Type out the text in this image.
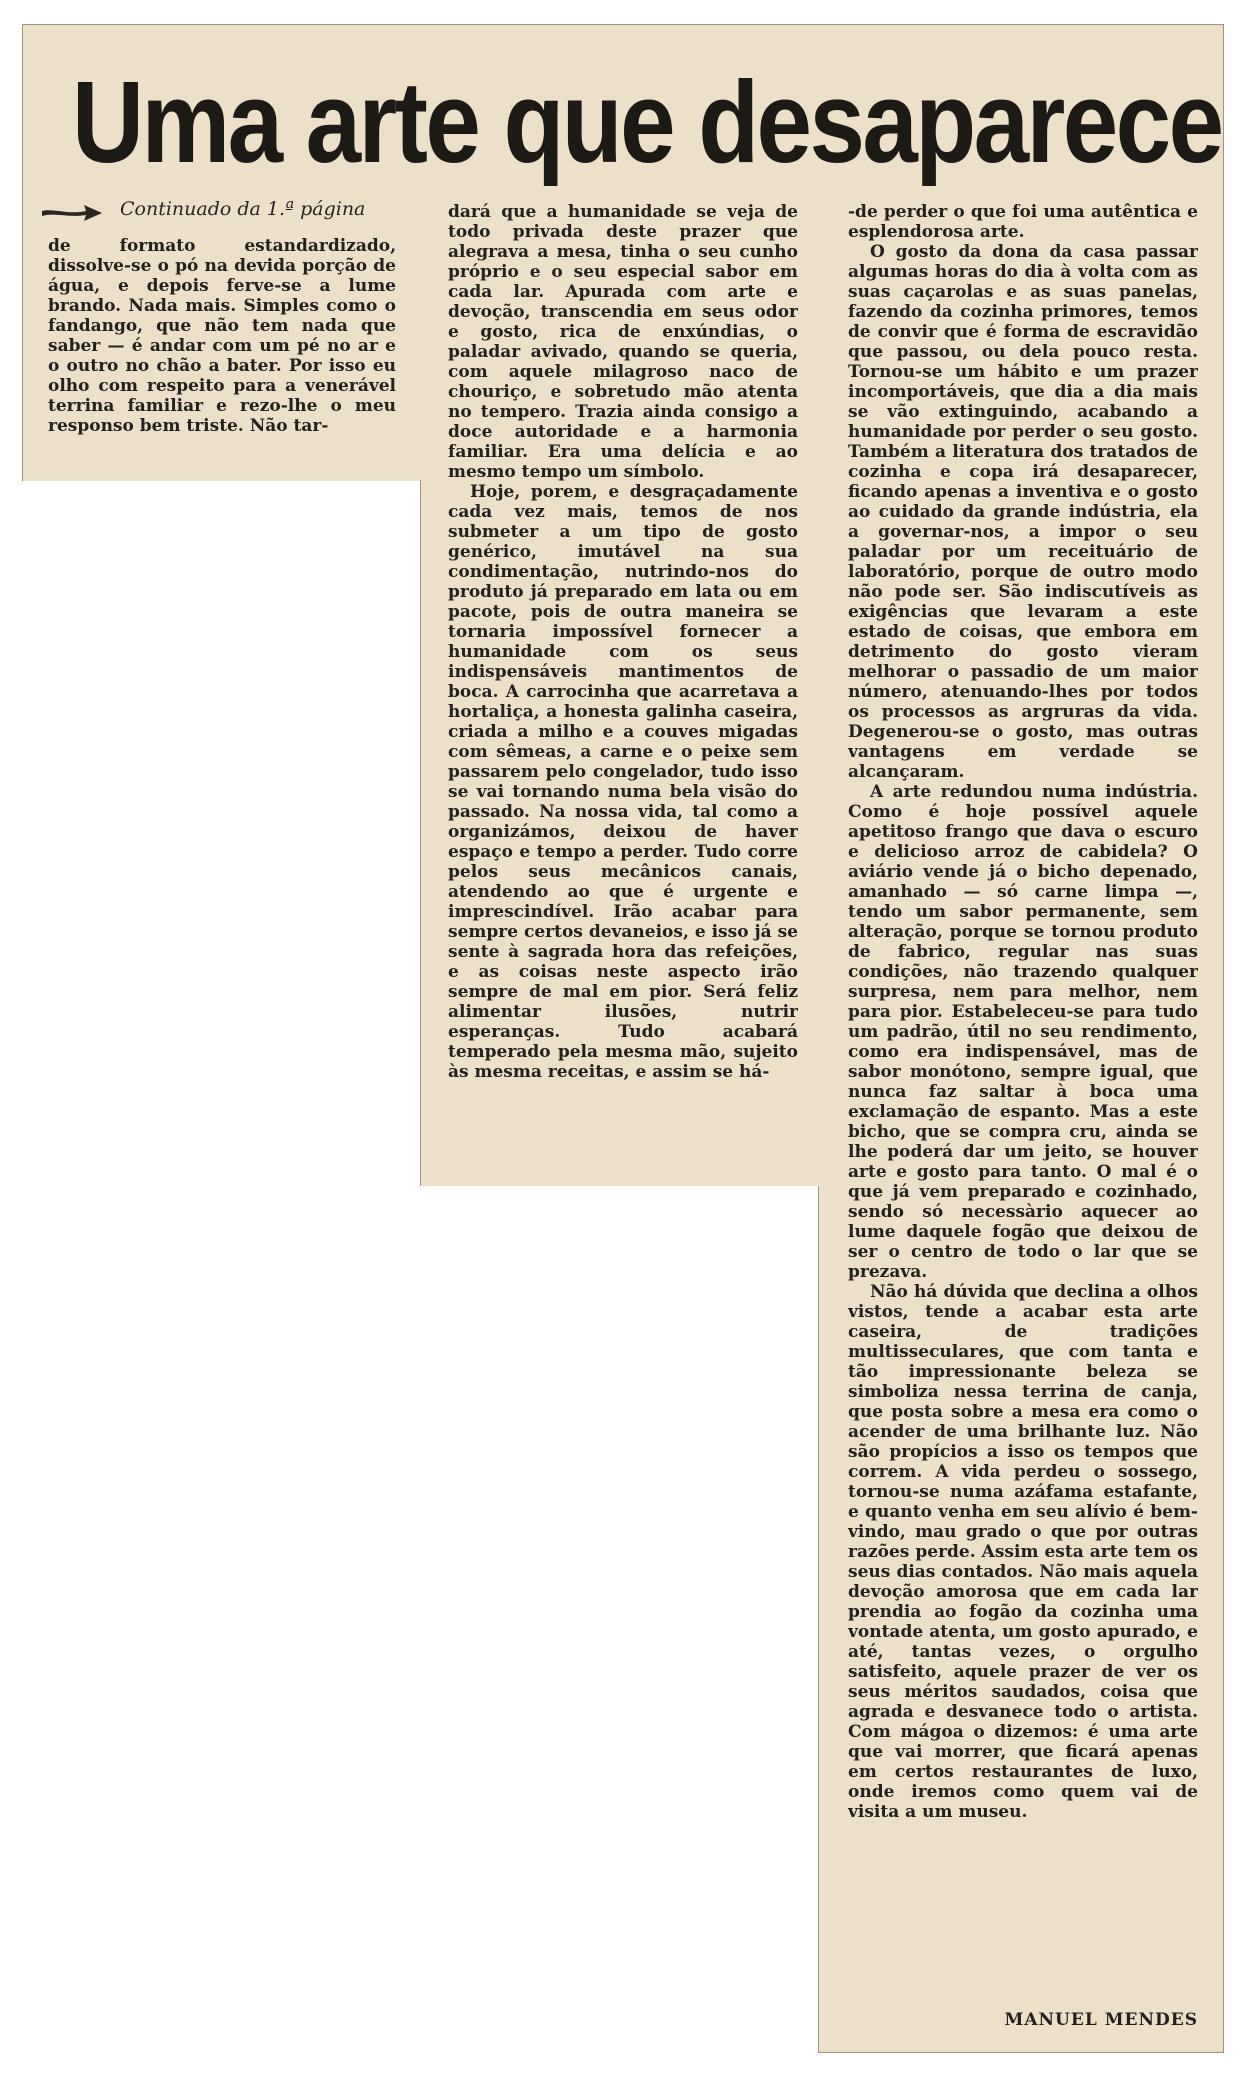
Uma arte que desaparece
Continuado da 1.ª página

de formato estandardizado, dissolve-se o pó na devida porção de água, e depois ferve-se a lume brando. Nada mais. Simples como o fandango, que não tem nada que saber — é andar com um pé no ar e o outro no chão a bater. Por isso eu olho com respeito para a venerável terrina familiar e rezo-lhe o meu responso bem triste. Não tar-

dará que a humanidade se veja de todo privada deste prazer que alegrava a mesa, tinha o seu cunho próprio e o seu especial sabor em cada lar. Apurada com arte e devoção, transcendia em seus odor e gosto, rica de enxúndias, o paladar avivado, quando se queria, com aquele milagroso naco de chouriço, e sobretudo mão atenta no tempero. Trazia ainda consigo a doce autoridade e a harmonia familiar. Era uma delícia e ao mesmo tempo um símbolo.

Hoje, porem, e desgraçadamente cada vez mais, temos de nos submeter a um tipo de gosto genérico, imutável na sua condimentação, nutrindo-nos do produto já preparado em lata ou em pacote, pois de outra maneira se tornaria impossível fornecer a humanidade com os seus indispensáveis mantimentos de boca. A carrocinha que acarretava a hortaliça, a honesta galinha caseira, criada a milho e a couves migadas com sêmeas, a carne e o peixe sem passarem pelo congelador, tudo isso se vai tornando numa bela visão do passado. Na nossa vida, tal como a organizámos, deixou de haver espaço e tempo a perder. Tudo corre pelos seus mecânicos canais, atendendo ao que é urgente e imprescindível. Irão acabar para sempre certos devaneios, e isso já se sente à sagrada hora das refeições, e as coisas neste aspecto irão sempre de mal em pior. Será feliz alimentar ilusões, nutrir esperanças. Tudo acabará temperado pela mesma mão, sujeito às mesma receitas, e assim se há-

-de perder o que foi uma autêntica e esplendorosa arte.

O gosto da dona da casa passar algumas horas do dia à volta com as suas caçarolas e as suas panelas, fazendo da cozinha primores, temos de convir que é forma de escravidão que passou, ou dela pouco resta. Tornou-se um hábito e um prazer incomportáveis, que dia a dia mais se vão extinguindo, acabando a humanidade por perder o seu gosto. Também a literatura dos tratados de cozinha e copa irá desaparecer, ficando apenas a inventiva e o gosto ao cuidado da grande indústria, ela a governar-nos, a impor o seu paladar por um receituário de laboratório, porque de outro modo não pode ser. São indiscutíveis as exigências que levaram a este estado de coisas, que embora em detrimento do gosto vieram melhorar o passadio de um maior número, atenuando-lhes por todos os processos as argruras da vida. Degenerou-se o gosto, mas outras vantagens em verdade se alcançaram.

A arte redundou numa indústria. Como é hoje possível aquele apetitoso frango que dava o escuro e delicioso arroz de cabidela? O aviário vende já o bicho depenado, amanhado — só carne limpa —, tendo um sabor permanente, sem alteração, porque se tornou produto de fabrico, regular nas suas condições, não trazendo qualquer surpresa, nem para melhor, nem para pior. Estabeleceu-se para tudo um padrão, útil no seu rendimento, como era indispensável, mas de sabor monótono, sempre igual, que nunca faz saltar à boca uma exclamação de espanto. Mas a este bicho, que se compra cru, ainda se lhe poderá dar um jeito, se houver arte e gosto para tanto. O mal é o que já vem preparado e cozinhado, sendo só necessàrio aquecer ao lume daquele fogão que deixou de ser o centro de todo o lar que se prezava.

Não há dúvida que declina a olhos vistos, tende a acabar esta arte caseira, de tradições multisseculares, que com tanta e tão impressionante beleza se simboliza nessa terrina de canja, que posta sobre a mesa era como o acender de uma brilhante luz. Não são propícios a isso os tempos que correm. A vida perdeu o sossego, tornou-se numa azáfama estafante, e quanto venha em seu alívio é bem-vindo, mau grado o que por outras razões perde. Assim esta arte tem os seus dias contados. Não mais aquela devoção amorosa que em cada lar prendia ao fogão da cozinha uma vontade atenta, um gosto apurado, e até, tantas vezes, o orgulho satisfeito, aquele prazer de ver os seus méritos saudados, coisa que agrada e desvanece todo o artista. Com mágoa o dizemos: é uma arte que vai morrer, que ficará apenas em certos restaurantes de luxo, onde iremos como quem vai de visita a um museu.

MANUEL MENDES
